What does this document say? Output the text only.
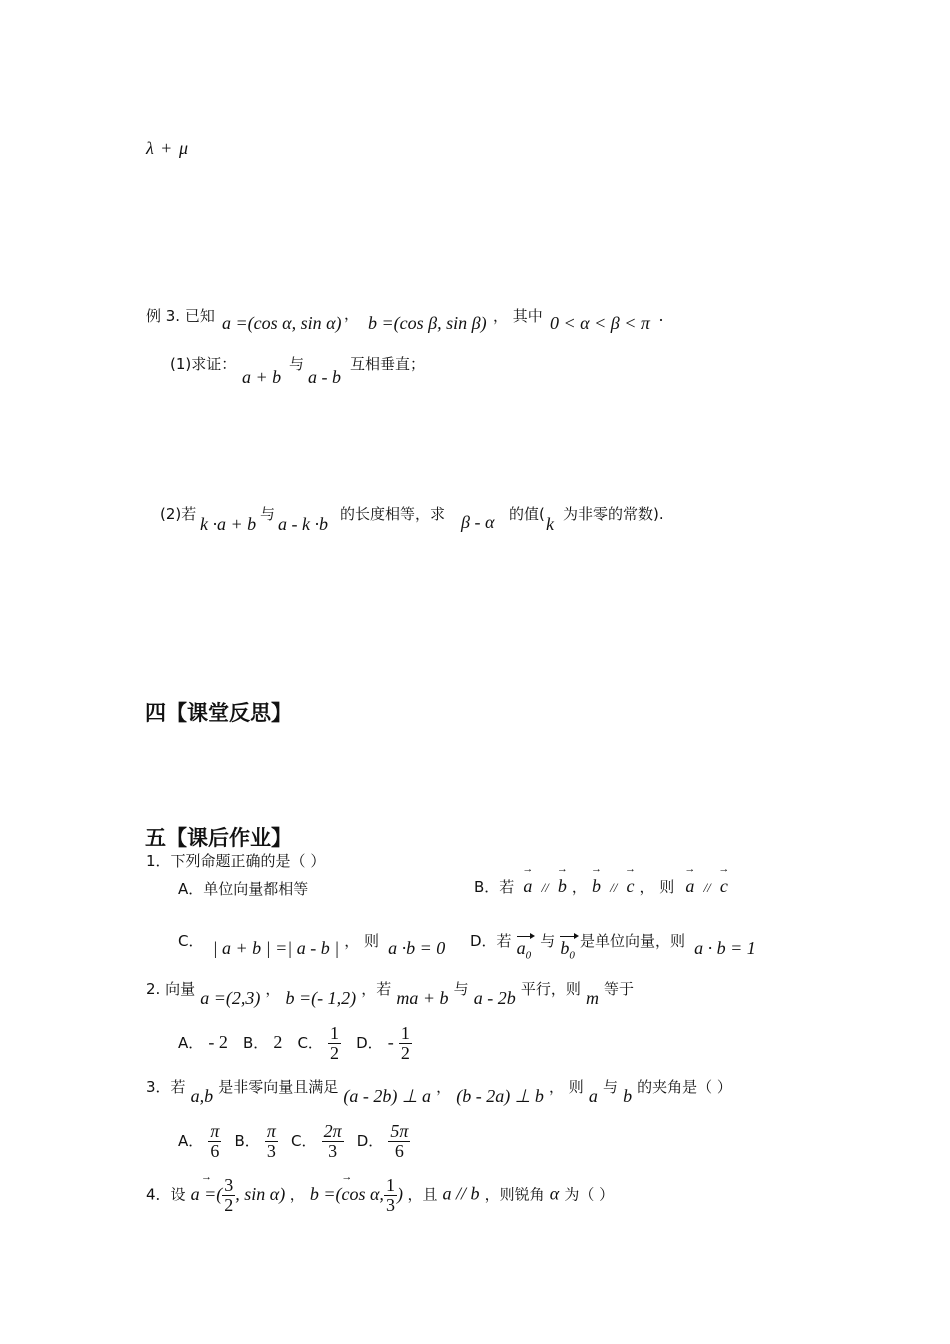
λ + μ
例 3. 已知 a =(cos α, sin α) ， b =(cos β, sin β) ， 其中 0 < α < β < π ·
(1)求证：
a + b
与
a - b
互相垂直；
(2)若 k ·a + b 与 a - k ·b 的长度相等，求 β - α 的值( k 为非零的常数).
四【课堂反思】
五【课后作业】
1．下列命题正确的是（ ）
A．单位向量都相等	B．若 → a // → b ， → b // → c ， 则 → a // → c
C． | a + b | =| a - b | ， 则 a ·b = 0 D．若 $a_0$ 与 $b_0$ 是单位向量，则 a · b = 1
2. 向量 a =(2,3) ， b =(- 1,2) ，若 ma + b 与 a - 2b 平行，则 m 等于
A． - 2 B． 2 C． $\frac{1}{2}$ D． - $\frac{1}{2}$
3．若 a,b 是非零向量且满足 (a - 2b) ⊥ a ， (b - 2a) ⊥ b ， 则 a 与 b 的夹角是（ ）
A． $\frac{\pi}{6}$ B． $\frac{\pi}{3}$ C． $\frac{2\pi}{3}$ D． $\frac{5\pi}{6}$
4．设 → a =( $\frac{3}{2}$ , sin α) ， → b =(cos α, $\frac{1}{3}$ ) ，且 a // b ，则锐角 α 为（ ）
